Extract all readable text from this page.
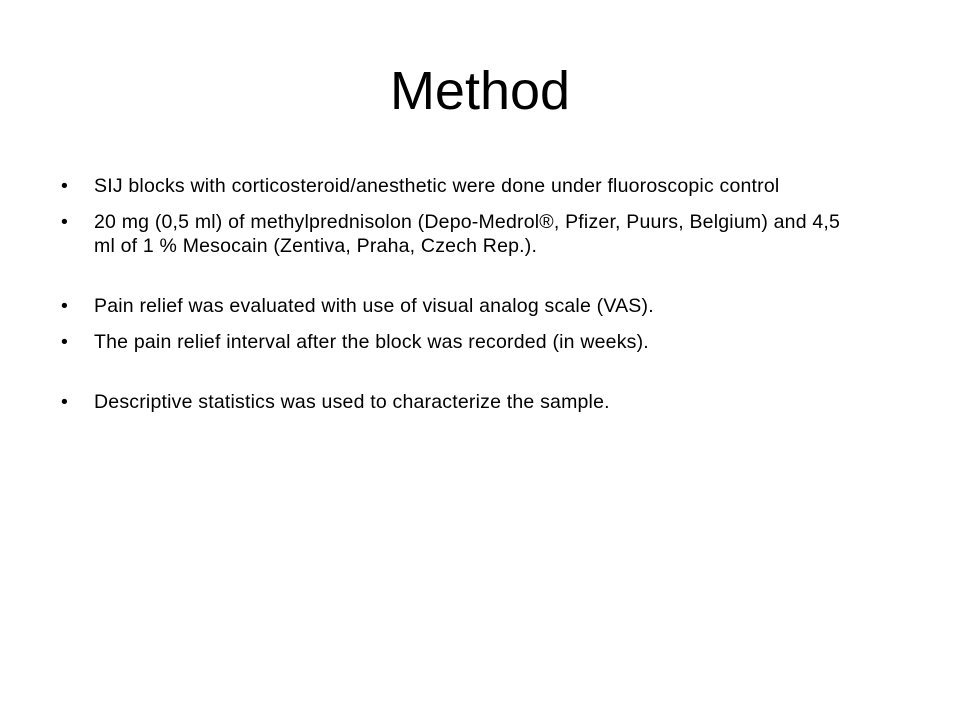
Method
•	SIJ blocks with corticosteroid/anesthetic were done under fluoroscopic control
•	20 mg (0,5 ml) of methylprednisolon (Depo-Medrol®, Pfizer, Puurs, Belgium) and 4,5 ml of 1 % Mesocain (Zentiva, Praha, Czech Rep.).
•	Pain relief was evaluated with use of visual analog scale (VAS).
•	The pain relief interval after the block was recorded (in weeks).
•	Descriptive statistics was used to characterize the sample.
